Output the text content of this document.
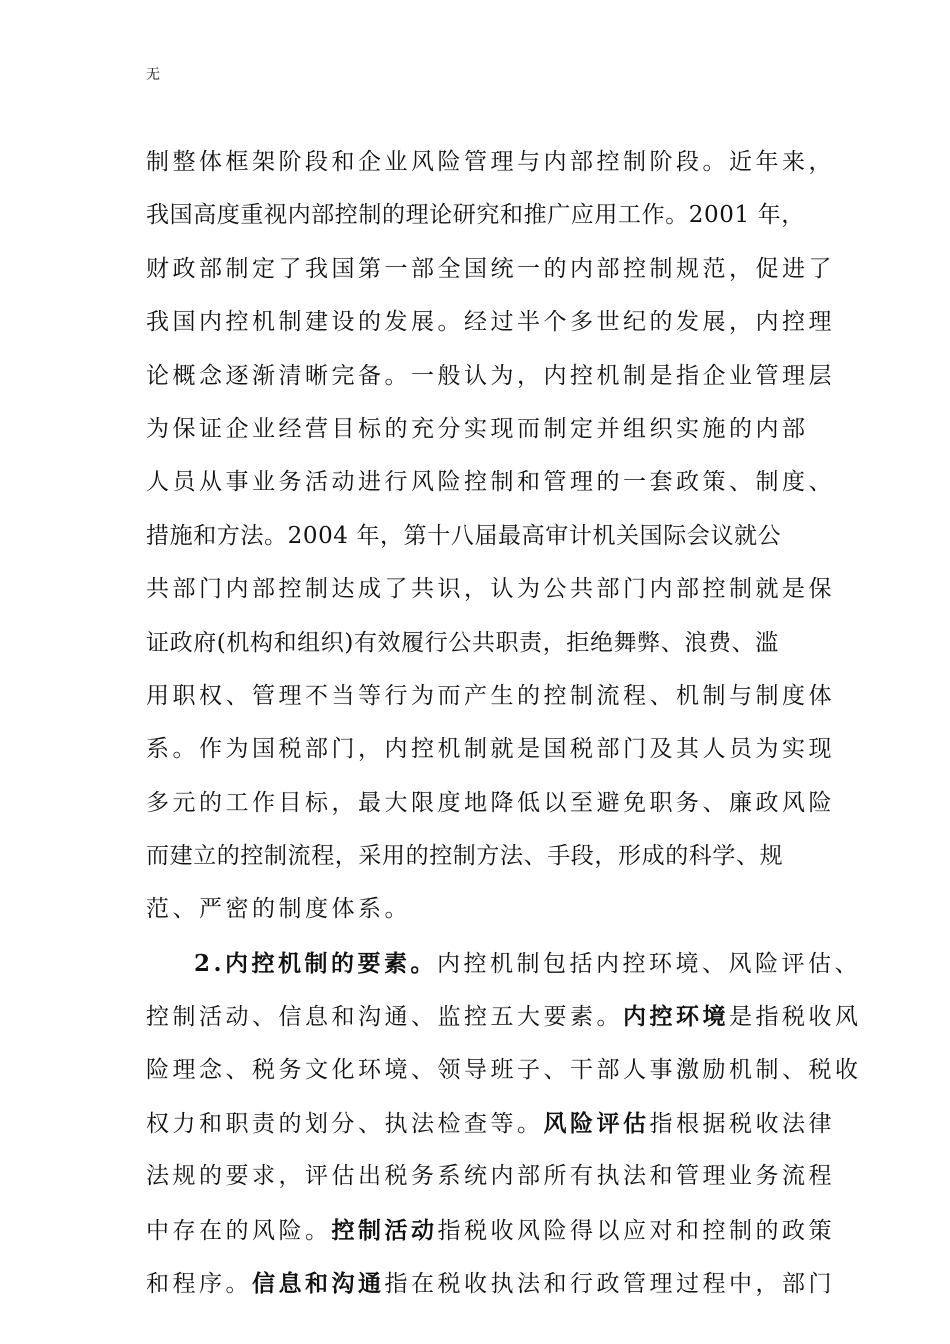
无
制整体框架阶段和企业风险管理与内部控制阶段。近年来，
我国高度重视内部控制的理论研究和推广应用工作。2001 年，
财政部制定了我国第一部全国统一的内部控制规范，促进了
我国内控机制建设的发展。经过半个多世纪的发展，内控理
论概念逐渐清晰完备。一般认为，内控机制是指企业管理层
为保证企业经营目标的充分实现而制定并组织实施的内部
人员从事业务活动进行风险控制和管理的一套政策、制度、
措施和方法。2004 年，第十八届最高审计机关国际会议就公
共部门内部控制达成了共识，认为公共部门内部控制就是保
证政府(机构和组织)有效履行公共职责，拒绝舞弊、浪费、滥
用职权、管理不当等行为而产生的控制流程、机制与制度体
系。作为国税部门，内控机制就是国税部门及其人员为实现
多元的工作目标，最大限度地降低以至避免职务、廉政风险
而建立的控制流程，采用的控制方法、手段，形成的科学、规
范、严密的制度体系。
2.内控机制的要素。内控机制包括内控环境、风险评估、
控制活动、信息和沟通、监控五大要素。内控环境是指税收风
险理念、税务文化环境、领导班子、干部人事激励机制、税收
权力和职责的划分、执法检查等。风险评估指根据税收法律
法规的要求，评估出税务系统内部所有执法和管理业务流程
中存在的风险。控制活动指税收风险得以应对和控制的政策
和程序。信息和沟通指在税收执法和行政管理过程中，部门
